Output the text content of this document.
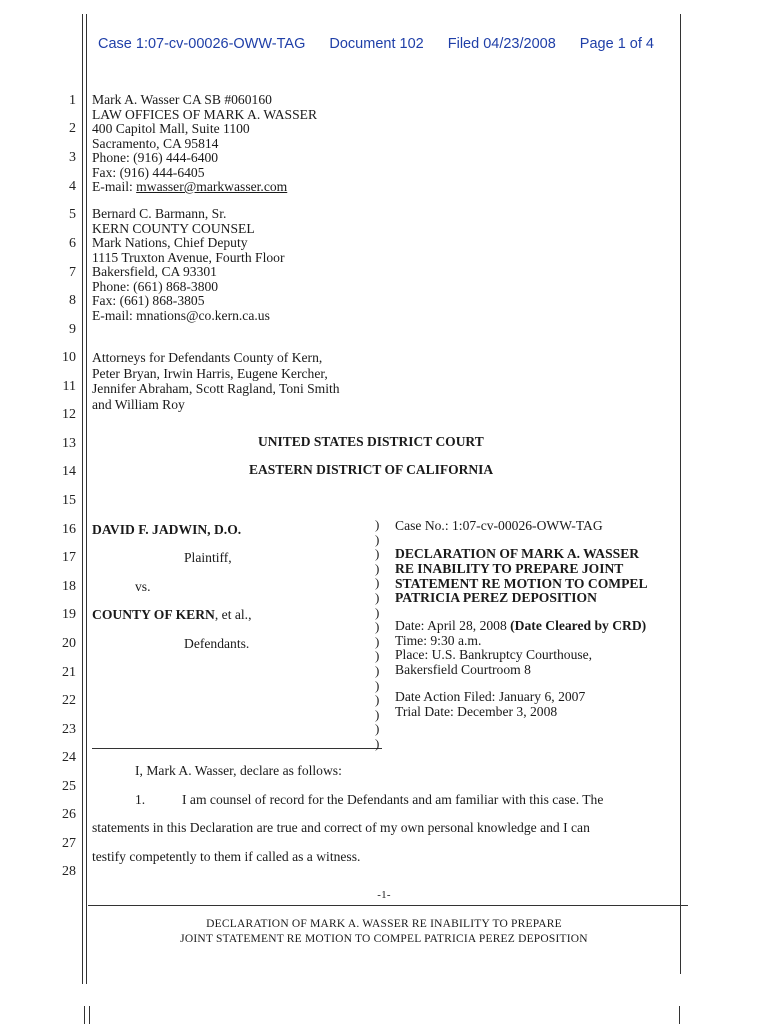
Case 1:07-cv-00026-OWW-TAG Document 102 Filed 04/23/2008 Page 1 of 4
1
2
3
4
5
6
7
8
9
10
11
12
13
14
15
16
17
18
19
20
21
22
23
24
25
26
27
28
Mark A. Wasser CA SB #060160
LAW OFFICES OF MARK A. WASSER
400 Capitol Mall, Suite 1100
Sacramento, CA 95814
Phone: (916) 444-6400
Fax: (916) 444-6405
E-mail: mwasser@markwasser.com
Bernard C. Barmann, Sr.
KERN COUNTY COUNSEL
Mark Nations, Chief Deputy
1115 Truxton Avenue, Fourth Floor
Bakersfield, CA 93301
Phone: (661) 868-3800
Fax: (661) 868-3805
E-mail: mnations@co.kern.ca.us
Attorneys for Defendants County of Kern,
Peter Bryan, Irwin Harris, Eugene Kercher,
Jennifer Abraham, Scott Ragland, Toni Smith
and William Roy
UNITED STATES DISTRICT COURT
EASTERN DISTRICT OF CALIFORNIA
DAVID F. JADWIN, D.O.
Plaintiff,
vs.
COUNTY OF KERN, et al.,
Defendants.
)
)
)
)
)
)
)
)
)
)
)
)
)
)
)
)
Case No.: 1:07-cv-00026-OWW-TAG
DECLARATION OF MARK A. WASSER
RE INABILITY TO PREPARE JOINT
STATEMENT RE MOTION TO COMPEL
PATRICIA PEREZ DEPOSITION
Date: April 28, 2008 (Date Cleared by CRD)
Time: 9:30 a.m.
Place: U.S. Bankruptcy Courthouse,
Bakersfield Courtroom 8
Date Action Filed: January 6, 2007
Trial Date: December 3, 2008
I, Mark A. Wasser, declare as follows:
1.	I am counsel of record for the Defendants and am familiar with this case. The
statements in this Declaration are true and correct of my own personal knowledge and I can
testify competently to them if called as a witness.
-1-
DECLARATION OF MARK A. WASSER RE INABILITY TO PREPARE
JOINT STATEMENT RE MOTION TO COMPEL PATRICIA PEREZ DEPOSITION
